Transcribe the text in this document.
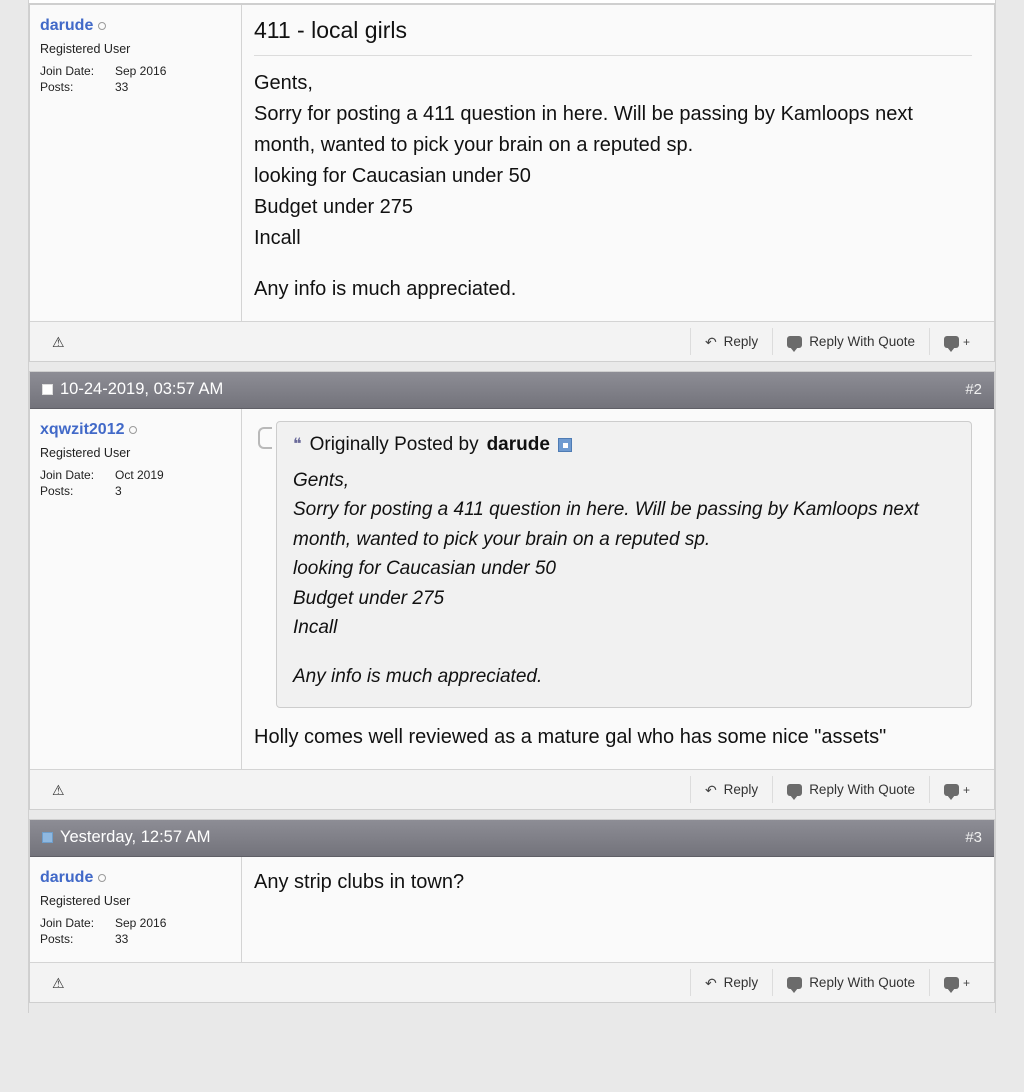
darude
Registered User
Join Date:	Sep 2016
Posts:	33
411 - local girls

Gents,

Sorry for posting a 411 question in here. Will be passing by Kamloops next month, wanted to pick your brain on a reputed sp.

looking for Caucasian under 50

Budget under 275

Incall

Any info is much appreciated.

⚠	↷ Reply	Reply With Quote	+
10-24-2019, 03:57 AM	#2
xqwzit2012
Registered User
Join Date:	Oct 2019
Posts:	3
❝ Originally Posted by darude

Gents,

Sorry for posting a 411 question in here. Will be passing by Kamloops next month, wanted to pick your brain on a reputed sp.

looking for Caucasian under 50

Budget under 275

Incall

Any info is much appreciated.

Holly comes well reviewed as a mature gal who has some nice "assets"

⚠	↷ Reply	Reply With Quote	+
Yesterday, 12:57 AM	#3
darude
Registered User
Join Date:	Sep 2016
Posts:	33

Any strip clubs in town?

⚠	↷ Reply	Reply With Quote	+
